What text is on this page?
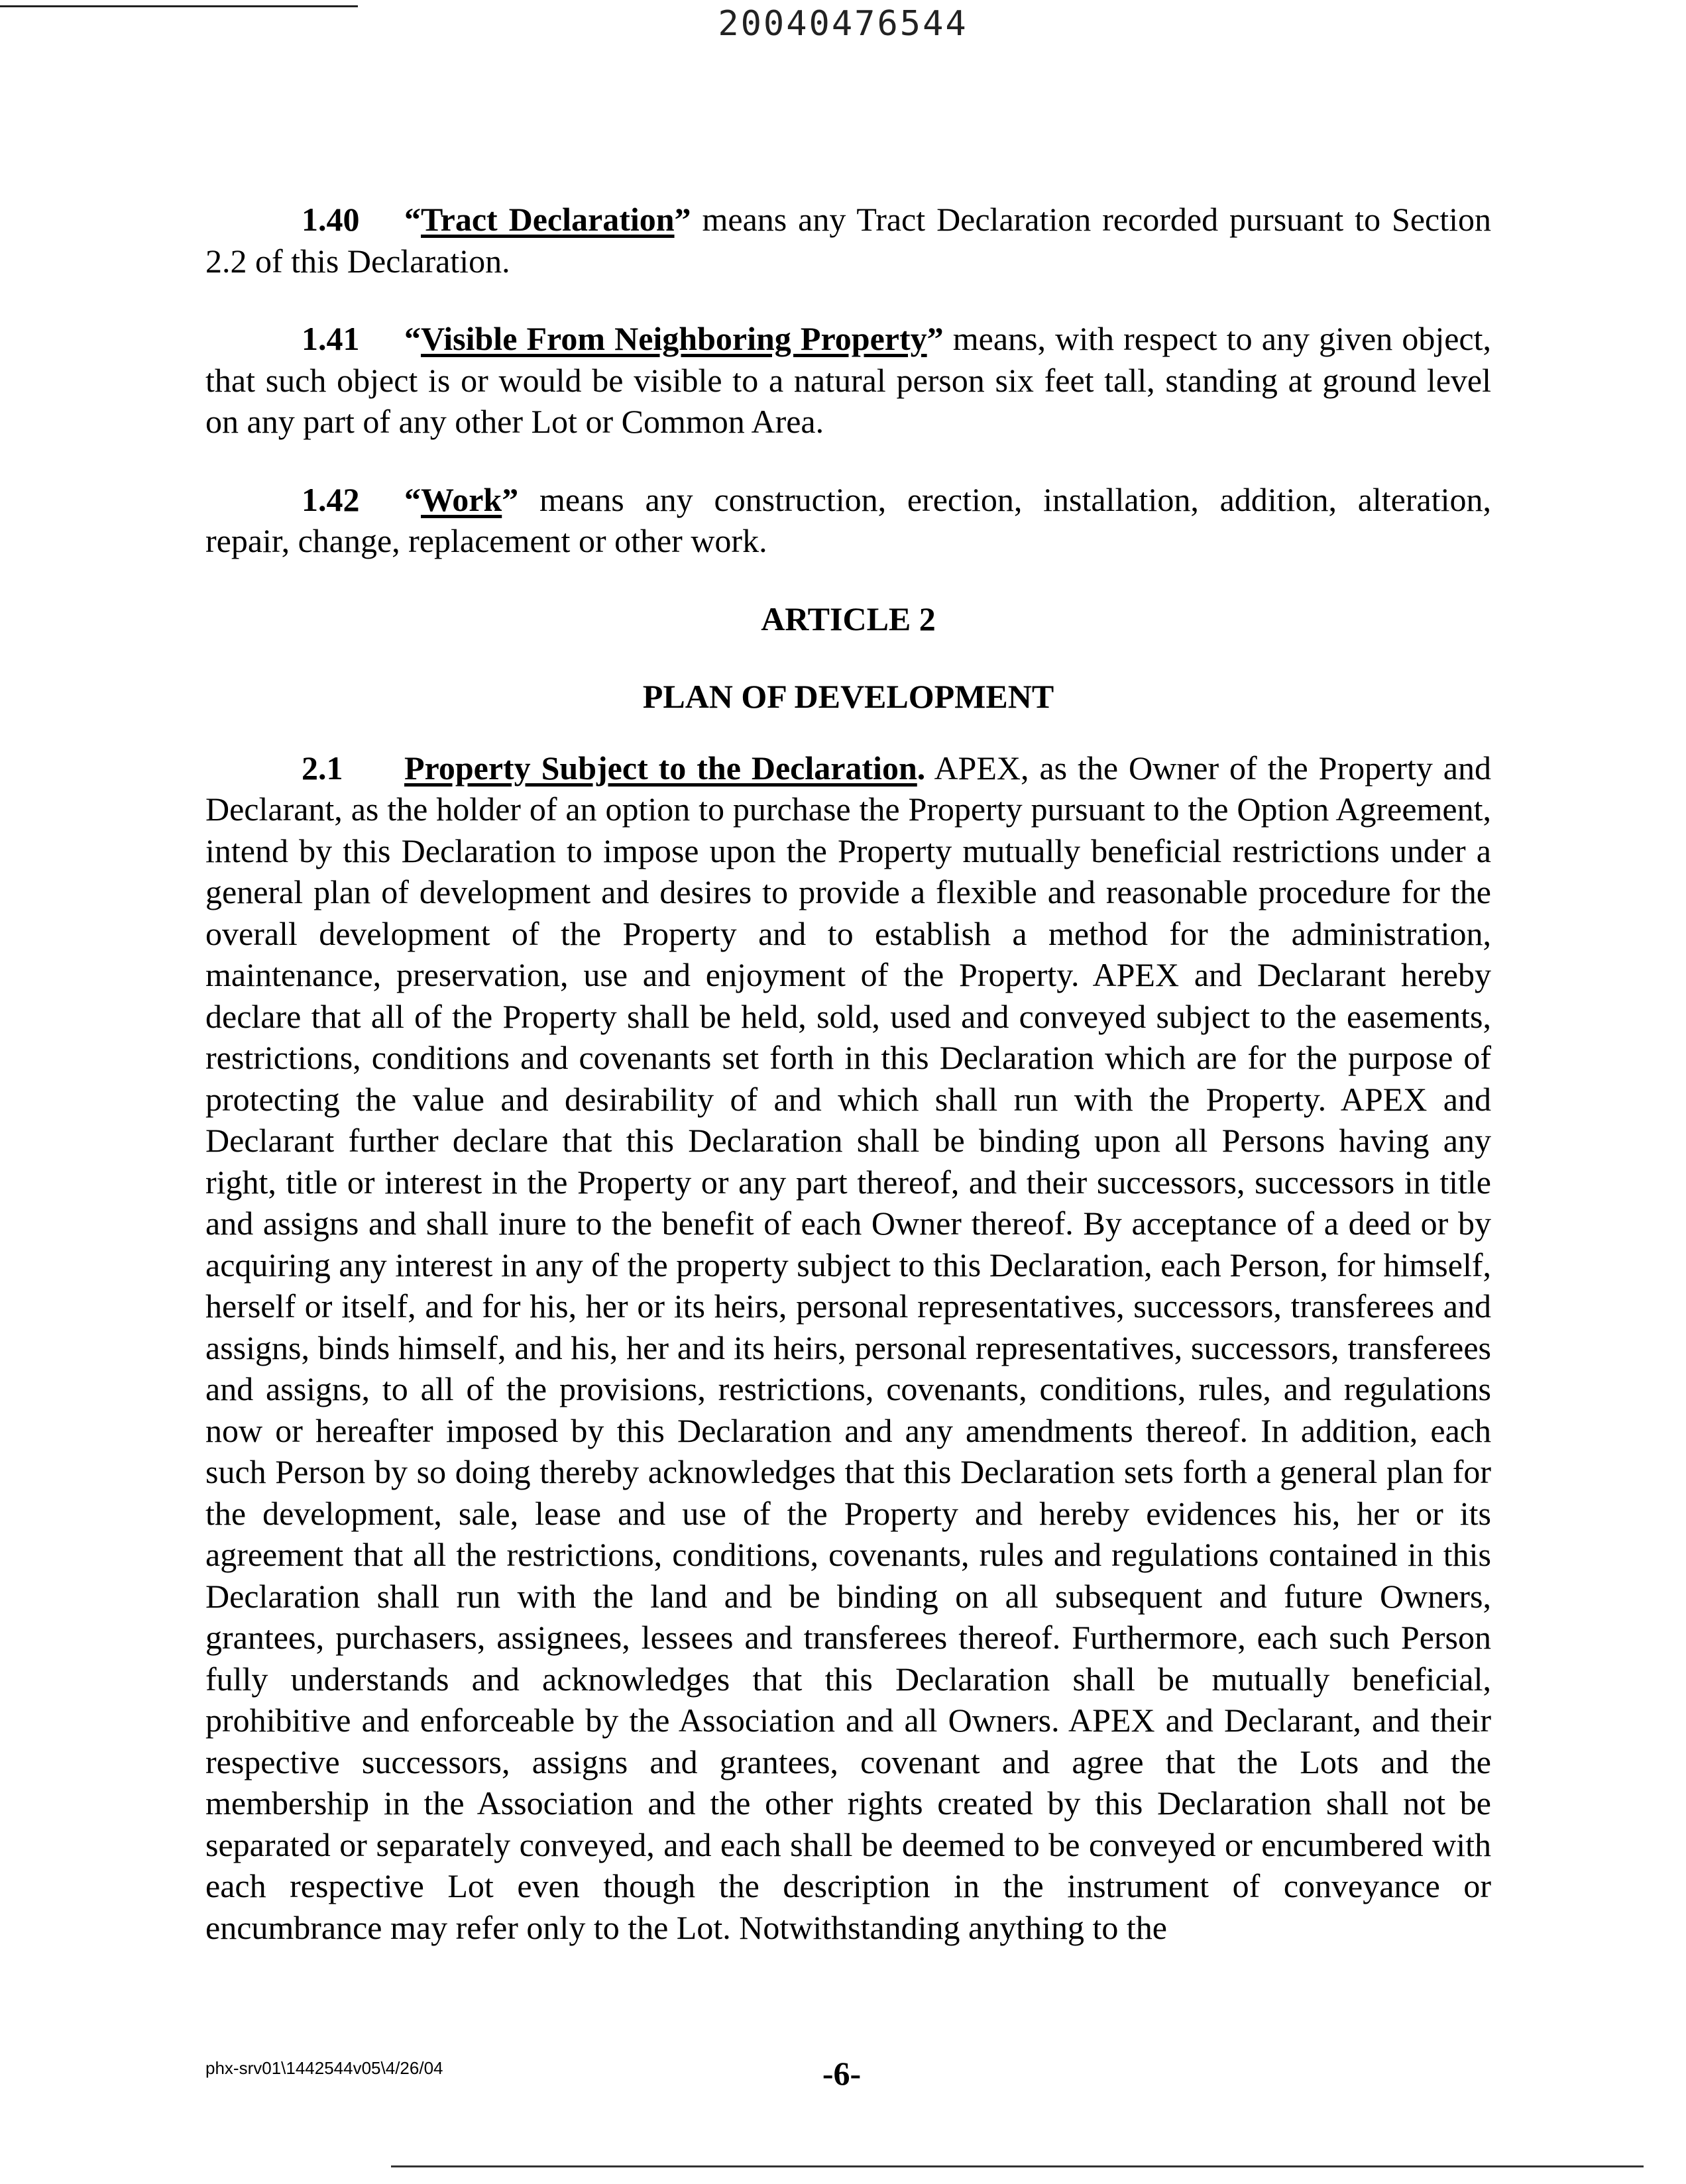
20040476544

1.40 “Tract Declaration” means any Tract Declaration recorded pursuant to Section 2.2 of this Declaration.

1.41 “Visible From Neighboring Property” means, with respect to any given object, that such object is or would be visible to a natural person six feet tall, standing at ground level on any part of any other Lot or Common Area.

1.42 “Work” means any construction, erection, installation, addition, alteration, repair, change, replacement or other work.

ARTICLE 2

PLAN OF DEVELOPMENT

2.1 Property Subject to the Declaration. APEX, as the Owner of the Property and Declarant, as the holder of an option to purchase the Property pursuant to the Option Agreement, intend by this Declaration to impose upon the Property mutually beneficial restrictions under a general plan of development and desires to provide a flexible and reasonable procedure for the overall development of the Property and to establish a method for the administration, maintenance, preservation, use and enjoyment of the Property. APEX and Declarant hereby declare that all of the Property shall be held, sold, used and conveyed subject to the easements, restrictions, conditions and covenants set forth in this Declaration which are for the purpose of protecting the value and desirability of and which shall run with the Property. APEX and Declarant further declare that this Declaration shall be binding upon all Persons having any right, title or interest in the Property or any part thereof, and their successors, successors in title and assigns and shall inure to the benefit of each Owner thereof. By acceptance of a deed or by acquiring any interest in any of the property subject to this Declaration, each Person, for himself, herself or itself, and for his, her or its heirs, personal representatives, successors, transferees and assigns, binds himself, and his, her and its heirs, personal representatives, successors, transferees and assigns, to all of the provisions, restrictions, covenants, conditions, rules, and regulations now or hereafter imposed by this Declaration and any amendments thereof. In addition, each such Person by so doing thereby acknowledges that this Declaration sets forth a general plan for the development, sale, lease and use of the Property and hereby evidences his, her or its agreement that all the restrictions, conditions, covenants, rules and regulations contained in this Declaration shall run with the land and be binding on all subsequent and future Owners, grantees, purchasers, assignees, lessees and transferees thereof. Furthermore, each such Person fully understands and acknowledges that this Declaration shall be mutually beneficial, prohibitive and enforceable by the Association and all Owners. APEX and Declarant, and their respective successors, assigns and grantees, covenant and agree that the Lots and the membership in the Association and the other rights created by this Declaration shall not be separated or separately conveyed, and each shall be deemed to be conveyed or encumbered with each respective Lot even though the description in the instrument of conveyance or encumbrance may refer only to the Lot. Notwithstanding anything to the

phx-srv01\1442544v05\4/26/04	-6-
